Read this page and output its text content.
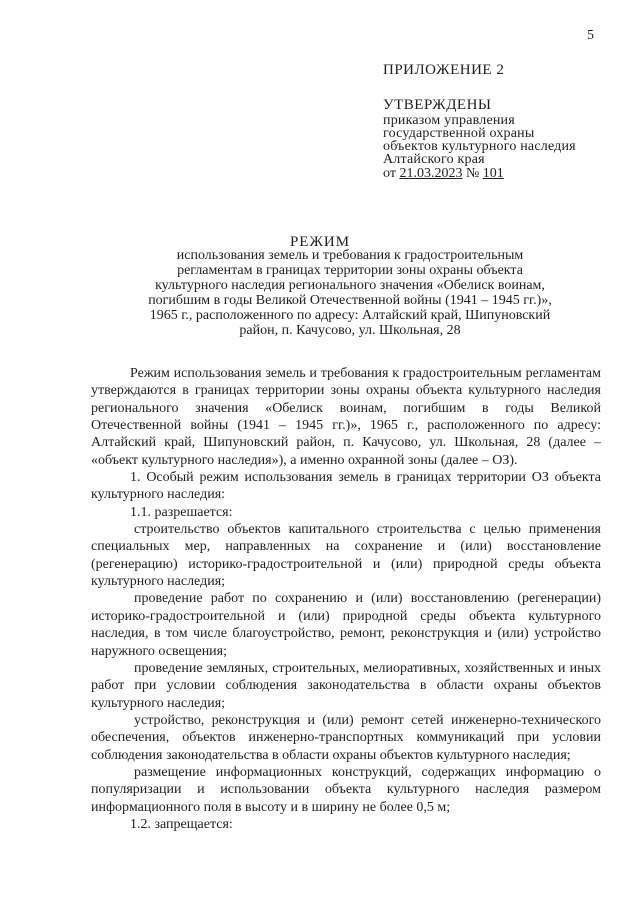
5
ПРИЛОЖЕНИЕ 2
УТВЕРЖДЕНЫ
приказом управления
государственной охраны
объектов культурного наследия
Алтайского края
от 21.03.2023 № 101
РЕЖИМ
использования земель и требования к градостроительным
регламентам в границах территории зоны охраны объекта
культурного наследия регионального значения «Обелиск воинам,
погибшим в годы Великой Отечественной войны (1941 – 1945 гг.)»,
1965 г., расположенного по адресу: Алтайский край, Шипуновский
район, п. Качусово, ул. Школьная, 28

Режим использования земель и требования к градостроительным регламентам утверждаются в границах территории зоны охраны объекта культурного наследия регионального значения «Обелиск воинам, погибшим в годы Великой Отечественной войны (1941 – 1945 гг.)», 1965 г., расположенного по адресу: Алтайский край, Шипуновский район, п. Качусово, ул. Школьная, 28 (далее – «объект культурного наследия»), а именно охранной зоны (далее – ОЗ).

1. Особый режим использования земель в границах территории ОЗ объекта культурного наследия:

1.1. разрешается:

строительство объектов капитального строительства с целью применения специальных мер, направленных на сохранение и (или) восстановление (регенерацию) историко-градостроительной и (или) природной среды объекта культурного наследия;

проведение работ по сохранению и (или) восстановлению (регенерации) историко-градостроительной и (или) природной среды объекта культурного наследия, в том числе благоустройство, ремонт, реконструкция и (или) устройство наружного освещения;

проведение земляных, строительных, мелиоративных, хозяйственных и иных работ при условии соблюдения законодательства в области охраны объектов культурного наследия;

устройство, реконструкция и (или) ремонт сетей инженерно-технического обеспечения, объектов инженерно-транспортных коммуникаций при условии соблюдения законодательства в области охраны объектов культурного наследия;

размещение информационных конструкций, содержащих информацию о популяризации и использовании объекта культурного наследия размером информационного поля в высоту и в ширину не более 0,5 м;

1.2. запрещается:
